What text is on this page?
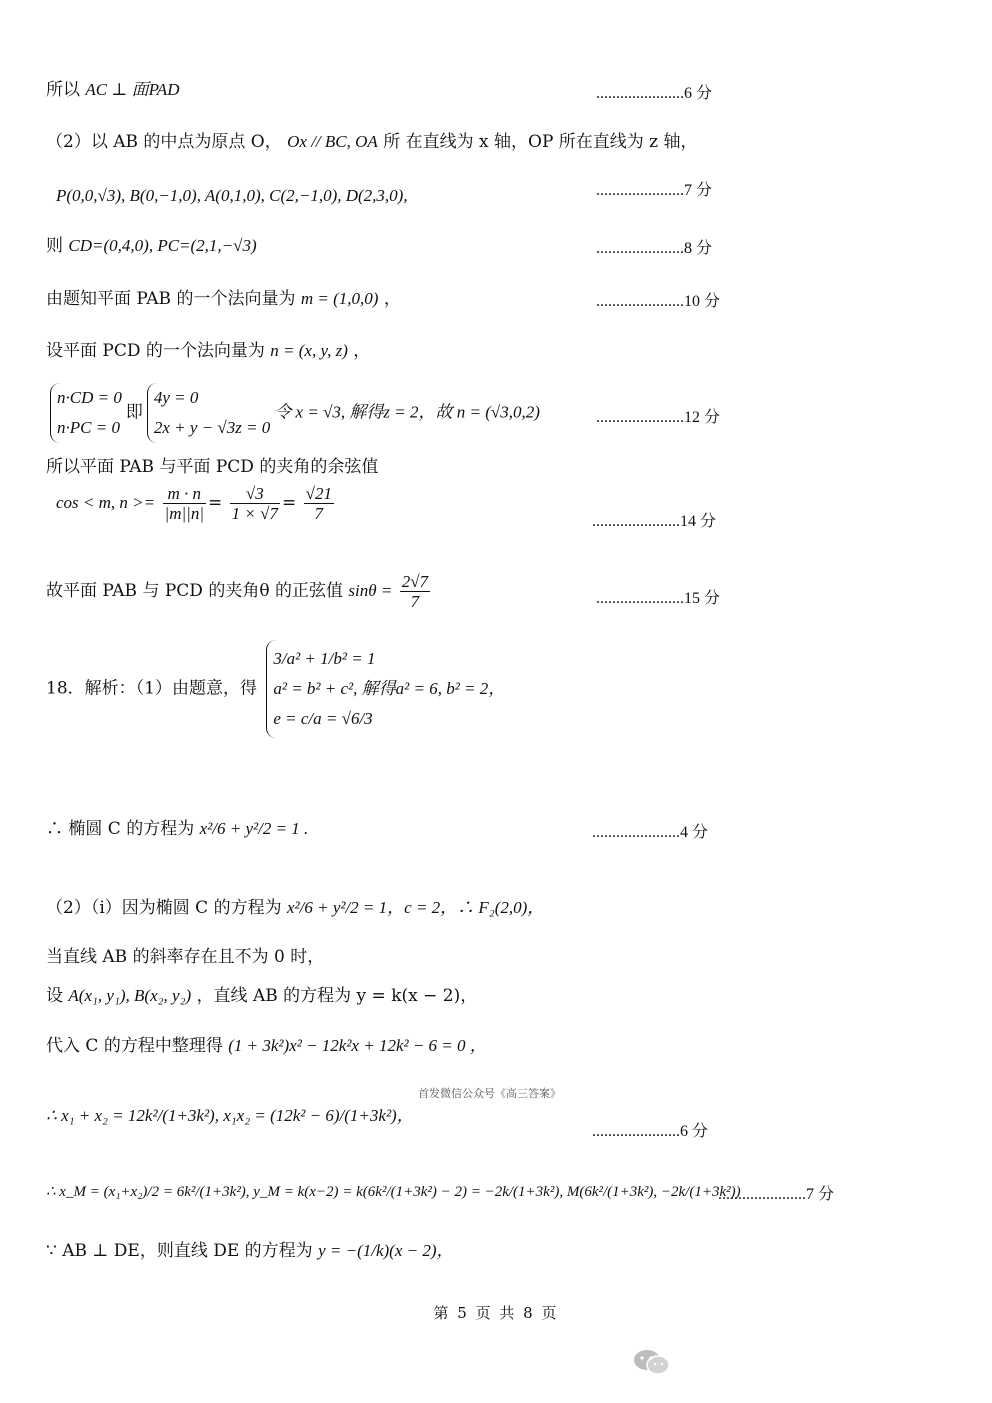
所以 AC ⊥ 面PAD	......................6 分
（2）以 AB 的中点为原点 O， Ox // BC, OA 所 在直线为 x 轴，OP 所在直线为 z 轴，
P(0,0,√3), B(0,−1,0), A(0,1,0), C(2,−1,0), D(2,3,0),	......................7 分
则 CD=(0,4,0), PC=(2,1,−√3)	......................8 分
由题知平面 PAB 的一个法向量为 m = (1,0,0) ，	......................10 分
设平面 PCD 的一个法向量为 n = (x, y, z) ，
n·CD = 0
n·PC = 0
即
4y = 0
2x + y − √3z = 0
令 x = √3, 解得z = 2，故 n = (√3,0,2)	......................12 分
所以平面 PAB 与平面 PCD 的夹角的余弦值
cos < m, $n >= \frac{m \cdot n}{|m||n|} = \frac{√3}{1 \times √7} = \frac{√21}{7}$	......................14 分
故平面 PAB 与 PCD 的夹角θ 的正弦值 $\sin\theta = \frac{2√7}{7}$	......................15 分
18．解析：（1）由题意，得
3/a² + 1/b² = 1
a² = b² + c², 解得a² = 6, b² = 2，
e = c/a = √6/3
∴ 椭圆 C 的方程为 x²/6 + y²/2 = 1 .	......................4 分
（2）（i）因为椭圆 C 的方程为 x²/6 + y²/2 = 1，c = 2，∴ F₂(2,0)，
当直线 AB 的斜率存在且不为 0 时，
设 A(x₁, y₁), B(x₂, y₂) ，直线 AB 的方程为 y = k(x − 2)，
代入 C 的方程中整理得 (1 + 3k²)x² − 12k²x + 12k² − 6 = 0 ，
首发微信公众号《高三答案》
∴ x₁ + x₂ = 12k²/(1+3k²), x₁x₂ = (12k² − 6)/(1+3k²)，
......................6 分
∴ x_M = (x₁+x₂)/2 = 6k²/(1+3k²), y_M = k(x−2) = k(6k²/(1+3k²) − 2) = −2k/(1+3k²), M(6k²/(1+3k²), −2k/(1+3k²))
......................7 分
∵ AB ⊥ DE，则直线 DE 的方程为 y = −(1/k)(x − 2)，
第 5 页 共 8 页
